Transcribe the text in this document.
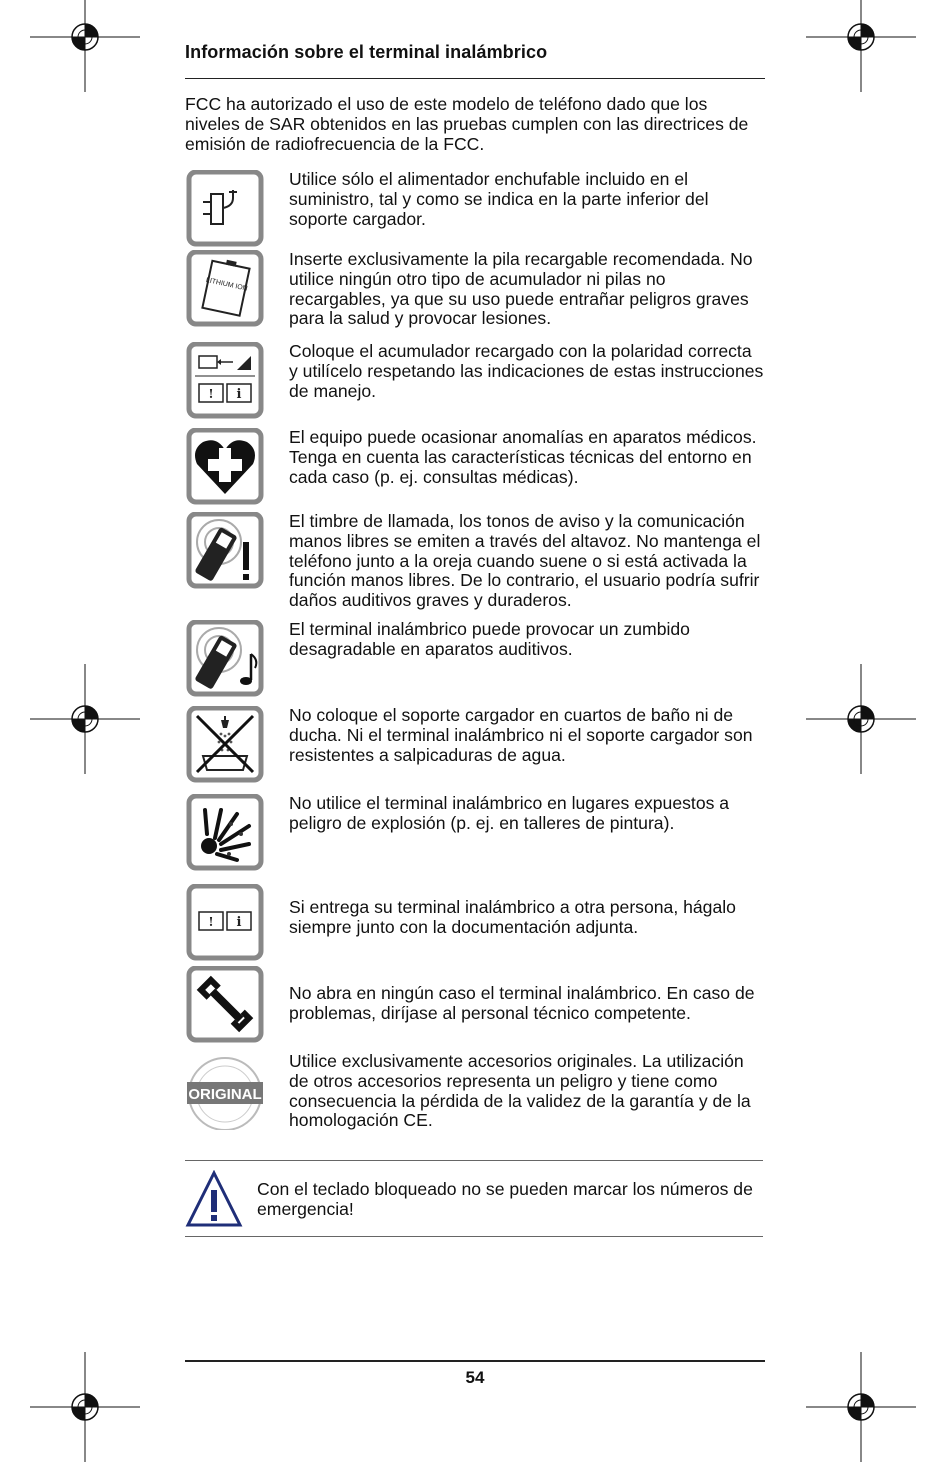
Información sobre el terminal inalámbrico
FCC ha autorizado el uso de este modelo de teléfono dado que los niveles de SAR obtenidos en las pruebas cumplen con las directrices de emisión de radiofrecuencia de la FCC.
Utilice sólo el alimentador enchufable incluido en el suministro, tal y como se indica en la parte inferior del soporte cargador.
LITHIUM ION
Inserte exclusivamente la pila recargable recomendada. No utilice ningún otro tipo de acumulador ni pilas no recargables, ya que su uso puede entrañar peligros graves para la salud y provocar lesiones.
! i
Coloque el acumulador recargado con la polaridad correcta y utilícelo respetando las indicaciones de estas instrucciones de manejo.
El equipo puede ocasionar anomalías en aparatos médicos. Tenga en cuenta las características técnicas del entorno en cada caso (p. ej. consultas médicas).
El timbre de llamada, los tonos de aviso y la comunicación manos libres se emiten a través del altavoz. No mantenga el teléfono junto a la oreja cuando suene o si está activada la función manos libres. De lo contrario, el usuario podría sufrir daños auditivos graves y duraderos.
El terminal inalámbrico puede provocar un zumbido desagradable en aparatos auditivos.
No coloque el soporte cargador en cuartos de baño ni de ducha. Ni el terminal inalámbrico ni el soporte cargador son resistentes a salpicaduras de agua.
No utilice el terminal inalámbrico en lugares expuestos a peligro de explosión (p. ej. en talleres de pintura).
! i
Si entrega su terminal inalámbrico a otra persona, hágalo siempre junto con la documentación adjunta.
No abra en ningún caso el terminal inalámbrico. En caso de problemas, diríjase al personal técnico competente.
ORIGINAL
Utilice exclusivamente accesorios originales. La utilización de otros accesorios representa un peligro y tiene como consecuencia la pérdida de la validez de la garantía y de la homologación CE.
Con el teclado bloqueado no se pueden marcar los números de emergencia!
54
